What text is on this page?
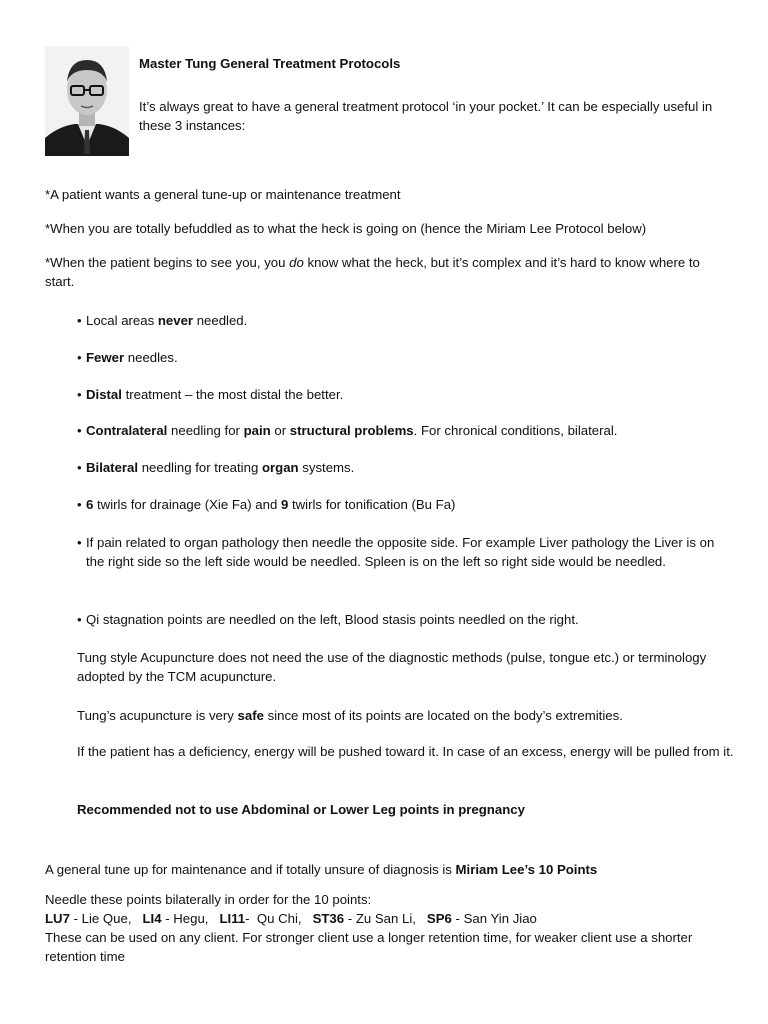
Master Tung General Treatment Protocols

It’s always great to have a general treatment protocol ‘in your pocket.’ It can be especially useful in these 3 instances:

*A patient wants a general tune-up or maintenance treatment

*When you are totally befuddled as to what the heck is going on (hence the Miriam Lee Protocol below)

*When the patient begins to see you, you do know what the heck, but it’s complex and it’s hard to know where to start.

• Local areas never needled.

• Fewer needles.

• Distal treatment – the most distal the better.

• Contralateral needling for pain or structural problems. For chronical conditions, bilateral.

• Bilateral needling for treating organ systems.

• 6 twirls for drainage (Xie Fa) and 9 twirls for tonification (Bu Fa)

• If pain related to organ pathology then needle the opposite side. For example Liver pathology the Liver is on the right side so the left side would be needled. Spleen is on the left so right side would be needled.

• Qi stagnation points are needled on the left, Blood stasis points needled on the right.

Tung style Acupuncture does not need the use of the diagnostic methods (pulse, tongue etc.) or terminology adopted by the TCM acupuncture.

Tung’s acupuncture is very safe since most of its points are located on the body’s extremities.

If the patient has a deficiency, energy will be pushed toward it. In case of an excess, energy will be pulled from it.

Recommended not to use Abdominal or Lower Leg points in pregnancy

A general tune up for maintenance and if totally unsure of diagnosis is Miriam Lee’s 10 Points

Needle these points bilaterally in order for the 10 points:

LU7 - Lie Que,   LI4 - Hegu,   LI11-  Qu Chi,   ST36 - Zu San Li,   SP6 - San Yin Jiao

These can be used on any client. For stronger client use a longer retention time, for weaker client use a shorter retention time
